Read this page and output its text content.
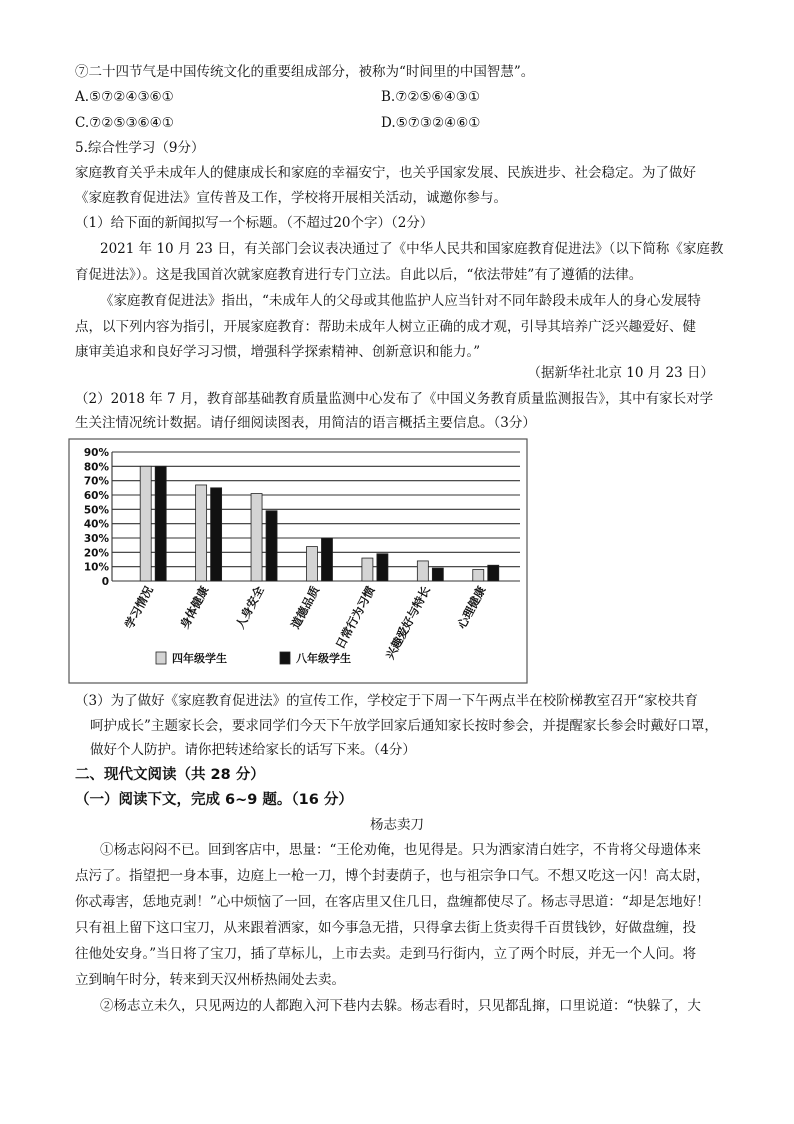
⑦二十四节气是中国传统文化的重要组成部分，被称为“时间里的中国智慧”。
A.⑤⑦②④③⑥①	B.⑦②⑤⑥④③①
C.⑦②⑤③⑥④①	D.⑤⑦③②④⑥①
5.综合性学习（9分）
家庭教育关乎未成年人的健康成长和家庭的幸福安宁，也关乎国家发展、民族进步、社会稳定。为了做好
《家庭教育促进法》宣传普及工作，学校将开展相关活动，诚邀你参与。
（1）给下面的新闻拟写一个标题。（不超过20个字）（2分）
2021 年 10 月 23 日，有关部门会议表决通过了《中华人民共和国家庭教育促进法》（以下简称《家庭教
育促进法》）。这是我国首次就家庭教育进行专门立法。自此以后，“依法带娃”有了遵循的法律。
《家庭教育促进法》指出，“未成年人的父母或其他监护人应当针对不同年龄段未成年人的身心发展特
点，以下列内容为指引，开展家庭教育：帮助未成年人树立正确的成才观，引导其培养广泛兴趣爱好、健
康审美追求和良好学习习惯，增强科学探索精神、创新意识和能力。”
（据新华社北京 10 月 23 日）
（2）2018 年 7 月，教育部基础教育质量监测中心发布了《中国义务教育质量监测报告》，其中有家长对学
生关注情况统计数据。请仔细阅读图表，用简洁的语言概括主要信息。（3分）
0
10%
20%
30%
40%
50%
60%
70%
80%
90%
学习情况 身体健康 人身安全 道德品质 日常行为习惯 兴趣爱好与特长 心理健康
四年级学生	八年级学生
（3）为了做好《家庭教育促进法》的宣传工作，学校定于下周一下午两点半在校阶梯教室召开“家校共育
呵护成长”主题家长会，要求同学们今天下午放学回家后通知家长按时参会，并提醒家长参会时戴好口罩，
做好个人防护。请你把转述给家长的话写下来。（4分）
二、现代文阅读（共 28 分）
（一）阅读下文，完成 6~9 题。（16 分）
杨志卖刀
①杨志闷闷不已。回到客店中，思量：“王伦劝俺，也见得是。只为洒家清白姓字，不肯将父母遗体来
点污了。指望把一身本事，边庭上一枪一刀，博个封妻荫子，也与祖宗争口气。不想又吃这一闪！高太尉，
你忒毒害，恁地克剥！”心中烦恼了一回，在客店里又住几日，盘缠都使尽了。杨志寻思道：“却是怎地好！
只有祖上留下这口宝刀，从来跟着洒家，如今事急无措，只得拿去街上货卖得千百贯钱钞，好做盘缠，投
往他处安身。”当日将了宝刀，插了草标儿，上市去卖。走到马行街内，立了两个时辰，并无一个人问。将
立到晌午时分，转来到天汉州桥热闹处去卖。
②杨志立未久，只见两边的人都跑入河下巷内去躲。杨志看时，只见都乱撺，口里说道：“快躲了，大
